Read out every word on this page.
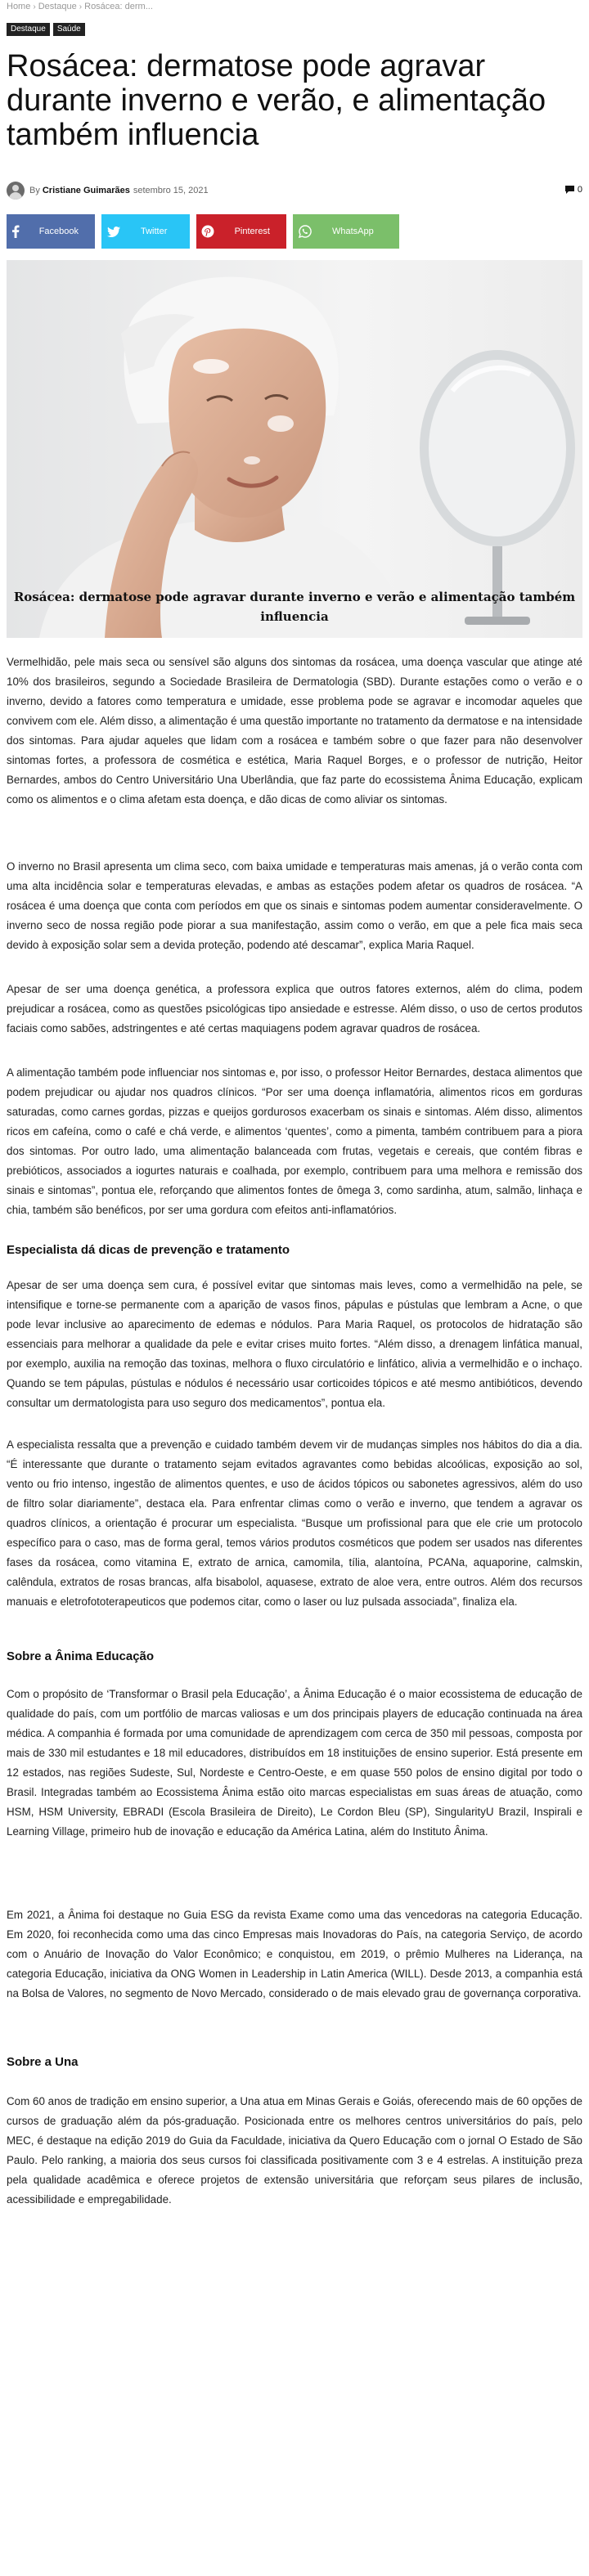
Home › Destaque › Rosácea: derm...
Destaque	Saúde
Rosácea: dermatose pode agravar durante inverno e verão, e alimentação também influencia
By Cristiane Guimarães setembro 15, 2021	0
Facebook	Twitter	Pinterest	WhatsApp
Rosácea: dermatose pode agravar durante inverno e verão e alimentação também influencia

Vermelhidão, pele mais seca ou sensível são alguns dos sintomas da rosácea, uma doença vascular que atinge até 10% dos brasileiros, segundo a Sociedade Brasileira de Dermatologia (SBD). Durante estações como o verão e o inverno, devido a fatores como temperatura e umidade, esse problema pode se agravar e incomodar aqueles que convivem com ele. Além disso, a alimentação é uma questão importante no tratamento da dermatose e na intensidade dos sintomas. Para ajudar aqueles que lidam com a rosácea e também sobre o que fazer para não desenvolver sintomas fortes, a professora de cosmética e estética, Maria Raquel Borges, e o professor de nutrição, Heitor Bernardes, ambos do Centro Universitário Una Uberlândia, que faz parte do ecossistema Ânima Educação, explicam como os alimentos e o clima afetam esta doença, e dão dicas de como aliviar os sintomas.

O inverno no Brasil apresenta um clima seco, com baixa umidade e temperaturas mais amenas, já o verão conta com uma alta incidência solar e temperaturas elevadas, e ambas as estações podem afetar os quadros de rosácea. “A rosácea é uma doença que conta com períodos em que os sinais e sintomas podem aumentar consideravelmente. O inverno seco de nossa região pode piorar a sua manifestação, assim como o verão, em que a pele fica mais seca devido à exposição solar sem a devida proteção, podendo até descamar”, explica Maria Raquel.

Apesar de ser uma doença genética, a professora explica que outros fatores externos, além do clima, podem prejudicar a rosácea, como as questões psicológicas tipo ansiedade e estresse. Além disso, o uso de certos produtos faciais como sabões, adstringentes e até certas maquiagens podem agravar quadros de rosácea.

A alimentação também pode influenciar nos sintomas e, por isso, o professor Heitor Bernardes, destaca alimentos que podem prejudicar ou ajudar nos quadros clínicos. “Por ser uma doença inflamatória, alimentos ricos em gorduras saturadas, como carnes gordas, pizzas e queijos gordurosos exacerbam os sinais e sintomas. Além disso, alimentos ricos em cafeína, como o café e chá verde, e alimentos ‘quentes’, como a pimenta, também contribuem para a piora dos sintomas. Por outro lado, uma alimentação balanceada com frutas, vegetais e cereais, que contém fibras e prebióticos, associados a iogurtes naturais e coalhada, por exemplo, contribuem para uma melhora e remissão dos sinais e sintomas”, pontua ele, reforçando que alimentos fontes de ômega 3, como sardinha, atum, salmão, linhaça e chia, também são benéficos, por ser uma gordura com efeitos anti-inflamatórios.

Especialista dá dicas de prevenção e tratamento

Apesar de ser uma doença sem cura, é possível evitar que sintomas mais leves, como a vermelhidão na pele, se intensifique e torne-se permanente com a aparição de vasos finos, pápulas e pústulas que lembram a Acne, o que pode levar inclusive ao aparecimento de edemas e nódulos. Para Maria Raquel, os protocolos de hidratação são essenciais para melhorar a qualidade da pele e evitar crises muito fortes. “Além disso, a drenagem linfática manual, por exemplo, auxilia na remoção das toxinas, melhora o fluxo circulatório e linfático, alivia a vermelhidão e o inchaço. Quando se tem pápulas, pústulas e nódulos é necessário usar corticoides tópicos e até mesmo antibióticos, devendo consultar um dermatologista para uso seguro dos medicamentos”, pontua ela.

A especialista ressalta que a prevenção e cuidado também devem vir de mudanças simples nos hábitos do dia a dia. “É interessante que durante o tratamento sejam evitados agravantes como bebidas alcoólicas, exposição ao sol, vento ou frio intenso, ingestão de alimentos quentes, e uso de ácidos tópicos ou sabonetes agressivos, além do uso de filtro solar diariamente”, destaca ela. Para enfrentar climas como o verão e inverno, que tendem a agravar os quadros clínicos, a orientação é procurar um especialista. “Busque um profissional para que ele crie um protocolo específico para o caso, mas de forma geral, temos vários produtos cosméticos que podem ser usados nas diferentes fases da rosácea, como vitamina E, extrato de arnica, camomila, tília, alantoína, PCANa, aquaporine, calmskin, calêndula, extratos de rosas brancas, alfa bisabolol, aquasese, extrato de aloe vera, entre outros. Além dos recursos manuais e eletrofototerapeuticos que podemos citar, como o laser ou luz pulsada associada”, finaliza ela.

Sobre a Ânima Educação

Com o propósito de ‘Transformar o Brasil pela Educação’, a Ânima Educação é o maior ecossistema de educação de qualidade do país, com um portfólio de marcas valiosas e um dos principais players de educação continuada na área médica. A companhia é formada por uma comunidade de aprendizagem com cerca de 350 mil pessoas, composta por mais de 330 mil estudantes e 18 mil educadores, distribuídos em 18 instituições de ensino superior. Está presente em 12 estados, nas regiões Sudeste, Sul, Nordeste e Centro-Oeste, e em quase 550 polos de ensino digital por todo o Brasil. Integradas também ao Ecossistema Ânima estão oito marcas especialistas em suas áreas de atuação, como HSM, HSM University, EBRADI (Escola Brasileira de Direito), Le Cordon Bleu (SP), SingularityU Brazil, Inspirali e Learning Village, primeiro hub de inovação e educação da América Latina, além do Instituto Ânima.

Em 2021, a Ânima foi destaque no Guia ESG da revista Exame como uma das vencedoras na categoria Educação. Em 2020, foi reconhecida como uma das cinco Empresas mais Inovadoras do País, na categoria Serviço, de acordo com o Anuário de Inovação do Valor Econômico; e conquistou, em 2019, o prêmio Mulheres na Liderança, na categoria Educação, iniciativa da ONG Women in Leadership in Latin America (WILL). Desde 2013, a companhia está na Bolsa de Valores, no segmento de Novo Mercado, considerado o de mais elevado grau de governança corporativa.

Sobre a Una

Com 60 anos de tradição em ensino superior, a Una atua em Minas Gerais e Goiás, oferecendo mais de 60 opções de cursos de graduação além da pós-graduação. Posicionada entre os melhores centros universitários do país, pelo MEC, é destaque na edição 2019 do Guia da Faculdade, iniciativa da Quero Educação com o jornal O Estado de São Paulo. Pelo ranking, a maioria dos seus cursos foi classificada positivamente com 3 e 4 estrelas. A instituição preza pela qualidade acadêmica e oferece projetos de extensão universitária que reforçam seus pilares de inclusão, acessibilidade e empregabilidade.
